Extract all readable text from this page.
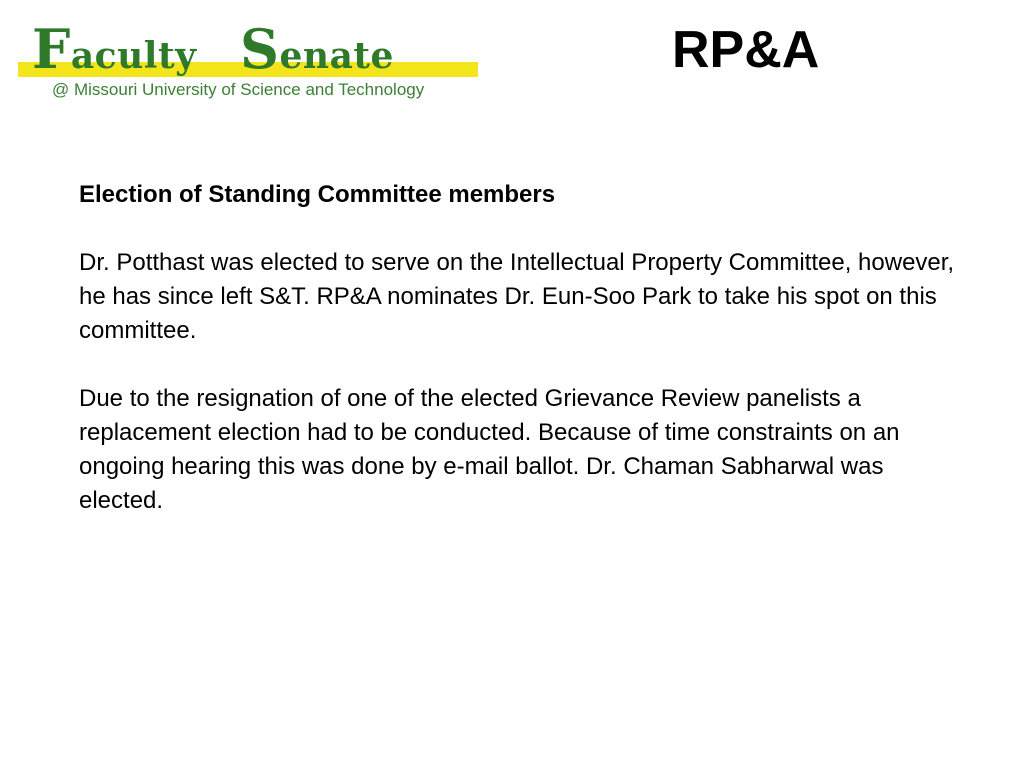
Faculty Senate
@ Missouri University of Science and Technology
RP&A

Election of Standing Committee members

Dr. Potthast was elected to serve on the Intellectual Property Committee, however, he has since left S&T. RP&A nominates Dr. Eun-Soo Park to take his spot on this committee.

Due to the resignation of one of the elected Grievance Review panelists a replacement election had to be conducted. Because of time constraints on an ongoing hearing this was done by e-mail ballot. Dr. Chaman Sabharwal was elected.
